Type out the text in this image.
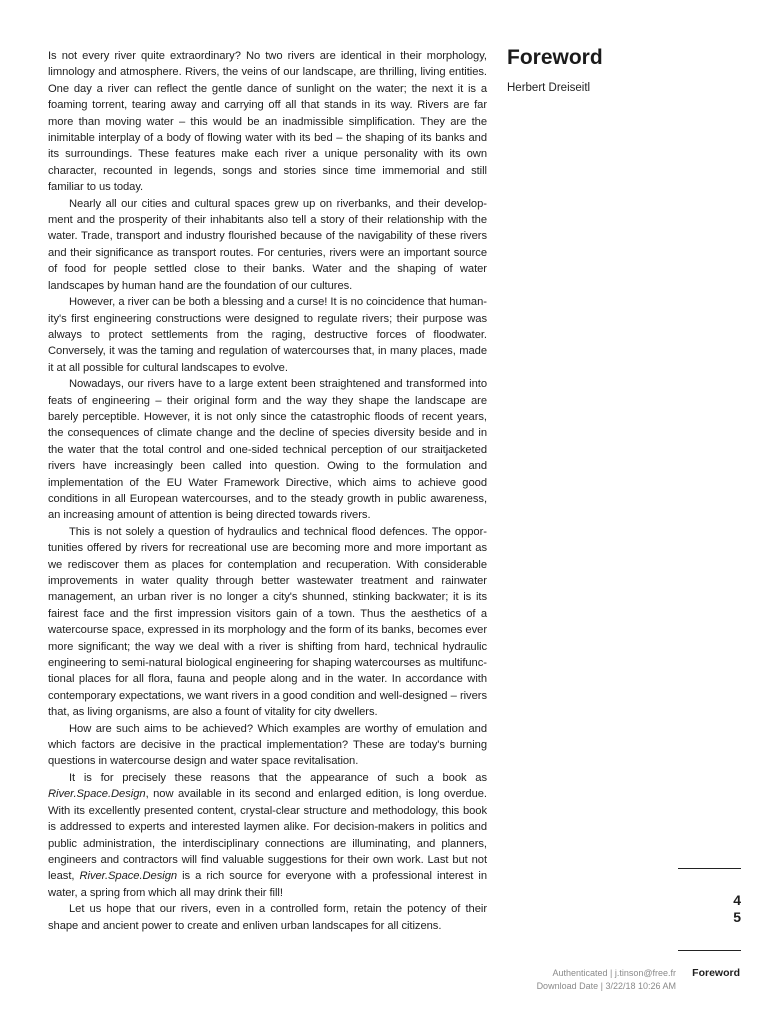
Is not every river quite extraordinary? No two rivers are identical in their morphology, limnology and atmosphere. Rivers, the veins of our landscape, are thrilling, living entities. One day a river can reflect the gentle dance of sunlight on the water; the next it is a foaming torrent, tearing away and carrying off all that stands in its way. Rivers are far more than moving water – this would be an inadmissible simplification. They are the inimitable interplay of a body of flowing water with its bed – the shaping of its banks and its surroundings. These features make each river a unique personality with its own character, recounted in legends, songs and stories since time immemorial and still familiar to us today.

Nearly all our cities and cultural spaces grew up on riverbanks, and their development and the prosperity of their inhabitants also tell a story of their relationship with the water. Trade, transport and industry flourished because of the navigability of these rivers and their significance as transport routes. For centuries, rivers were an important source of food for people settled close to their banks. Water and the shaping of water landscapes by human hand are the foundation of our cultures.

However, a river can be both a blessing and a curse! It is no coincidence that humanity's first engineering constructions were designed to regulate rivers; their purpose was always to protect settlements from the raging, destructive forces of floodwater. Conversely, it was the taming and regulation of watercourses that, in many places, made it at all possible for cultural landscapes to evolve.

Nowadays, our rivers have to a large extent been straightened and transformed into feats of engineering – their original form and the way they shape the landscape are barely perceptible. However, it is not only since the catastrophic floods of recent years, the consequences of climate change and the decline of species diversity beside and in the water that the total control and one-sided technical perception of our straitjacketed rivers have increasingly been called into question. Owing to the formulation and implementation of the EU Water Framework Directive, which aims to achieve good conditions in all European watercourses, and to the steady growth in public awareness, an increasing amount of attention is being directed towards rivers.

This is not solely a question of hydraulics and technical flood defences. The opportunities offered by rivers for recreational use are becoming more and more important as we rediscover them as places for contemplation and recuperation. With considerable improvements in water quality through better wastewater treatment and rainwater management, an urban river is no longer a city's shunned, stinking backwater; it is its fairest face and the first impression visitors gain of a town. Thus the aesthetics of a watercourse space, expressed in its morphology and the form of its banks, becomes ever more significant; the way we deal with a river is shifting from hard, technical hydraulic engineering to semi-natural biological engineering for shaping watercourses as multifunctional places for all flora, fauna and people along and in the water. In accordance with contemporary expectations, we want rivers in a good condition and well-designed – rivers that, as living organisms, are also a fount of vitality for city dwellers.

How are such aims to be achieved? Which examples are worthy of emulation and which factors are decisive in the practical implementation? These are today's burning questions in watercourse design and water space revitalisation.

It is for precisely these reasons that the appearance of such a book as River.Space.Design, now available in its second and enlarged edition, is long overdue. With its excellently presented content, crystal-clear structure and methodology, this book is addressed to experts and interested laymen alike. For decision-makers in politics and public administration, the interdisciplinary connections are illuminating, and planners, engineers and contractors will find valuable suggestions for their own work. Last but not least, River.Space.Design is a rich source for everyone with a professional interest in water, a spring from which all may drink their fill!

Let us hope that our rivers, even in a controlled form, retain the potency of their shape and ancient power to create and enliven urban landscapes for all citizens.

Foreword
Herbert Dreiseitl
4
5
Authenticated | j.tinson@free.fr
Download Date | 3/22/18 10:26 AM
Foreword
